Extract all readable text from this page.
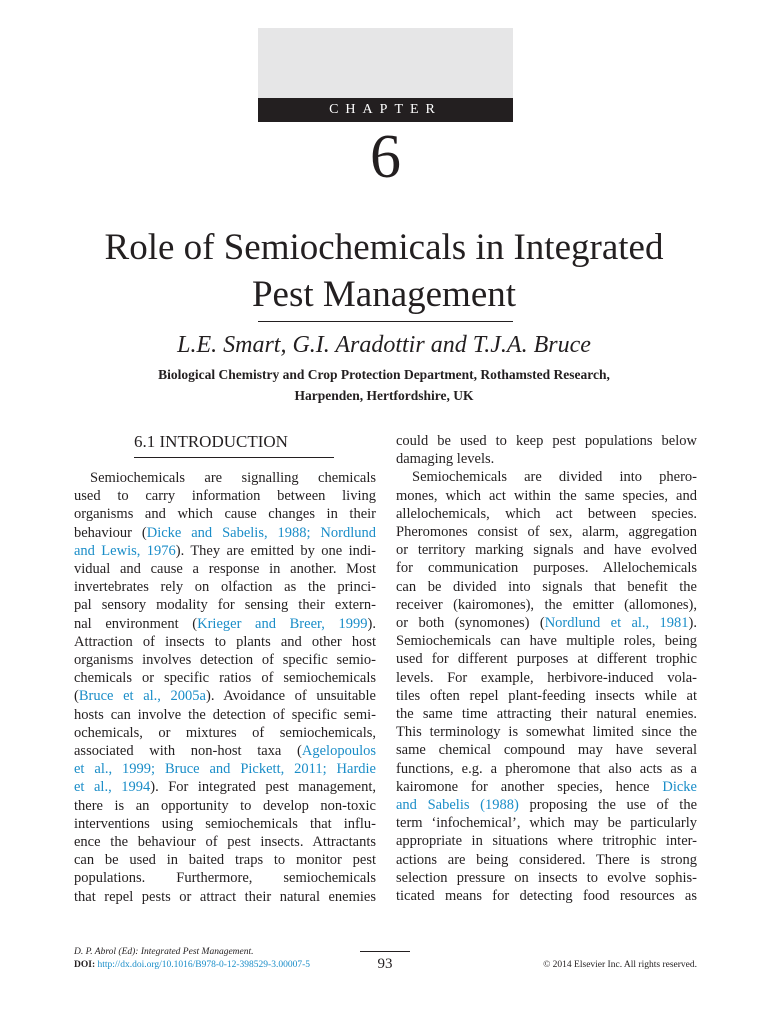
CHAPTER
6
Role of Semiochemicals in Integrated
Pest Management
L.E. Smart, G.I. Aradottir and T.J.A. Bruce
Biological Chemistry and Crop Protection Department, Rothamsted Research,
Harpenden, Hertfordshire, UK
6.1 INTRODUCTION
Semiochemicals are signalling chemicals
used to carry information between living
organisms and which cause changes in their
behaviour (Dicke and Sabelis, 1988; Nordlund
and Lewis, 1976). They are emitted by one indi-
vidual and cause a response in another. Most
invertebrates rely on olfaction as the princi-
pal sensory modality for sensing their extern-
nal environment (Krieger and Breer, 1999).
Attraction of insects to plants and other host
organisms involves detection of specific semio-
chemicals or specific ratios of semiochemicals
(Bruce et al., 2005a). Avoidance of unsuitable
hosts can involve the detection of specific semi-
ochemicals, or mixtures of semiochemicals,
associated with non-host taxa (Agelopoulos
et al., 1999; Bruce and Pickett, 2011; Hardie
et al., 1994). For integrated pest management,
there is an opportunity to develop non-toxic
interventions using semiochemicals that influ-
ence the behaviour of pest insects. Attractants
can be used in baited traps to monitor pest
populations. Furthermore, semiochemicals
that repel pests or attract their natural enemies
could be used to keep pest populations below
damaging levels.
Semiochemicals are divided into phero-
mones, which act within the same species, and
allelochemicals, which act between species.
Pheromones consist of sex, alarm, aggregation
or territory marking signals and have evolved
for communication purposes. Allelochemicals
can be divided into signals that benefit the
receiver (kairomones), the emitter (allomones),
or both (synomones) (Nordlund et al., 1981).
Semiochemicals can have multiple roles, being
used for different purposes at different trophic
levels. For example, herbivore-induced vola-
tiles often repel plant-feeding insects while at
the same time attracting their natural enemies.
This terminology is somewhat limited since the
same chemical compound may have several
functions, e.g. a pheromone that also acts as a
kairomone for another species, hence Dicke
and Sabelis (1988) proposing the use of the
term ‘infochemical’, which may be particularly
appropriate in situations where tritrophic inter-
actions are being considered. There is strong
selection pressure on insects to evolve sophis-
ticated means for detecting food resources as
D. P. Abrol (Ed): Integrated Pest Management.
DOI: http://dx.doi.org/10.1016/B978-0-12-398529-3.00007-5	93	© 2014 Elsevier Inc. All rights reserved.
